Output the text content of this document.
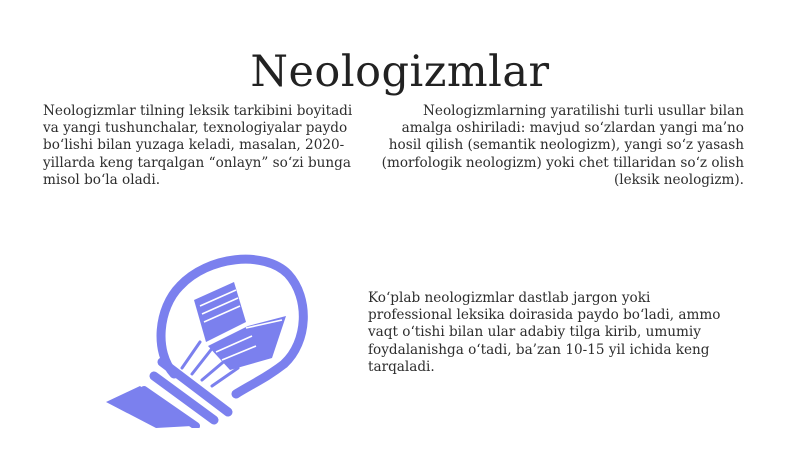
Neologizmlar
Neologizmlar tilning leksik tarkibini boyitadi va yangi tushunchalar, texnologiyalar paydo bo‘lishi bilan yuzaga keladi, masalan, 2020-yillarda keng tarqalgan “onlayn” so‘zi bunga misol bo‘la oladi.
Neologizmlarning yaratilishi turli usullar bilan amalga oshiriladi: mavjud so‘zlardan yangi ma’no hosil qilish (semantik neologizm), yangi so‘z yasash (morfologik neologizm) yoki chet tillaridan so‘z olish (leksik neologizm).
Ko‘plab neologizmlar dastlab jargon yoki professional leksika doirasida paydo bo‘ladi, ammo vaqt o‘tishi bilan ular adabiy tilga kirib, umumiy foydalanishga o‘tadi, ba’zan 10-15 yil ichida keng tarqaladi.
